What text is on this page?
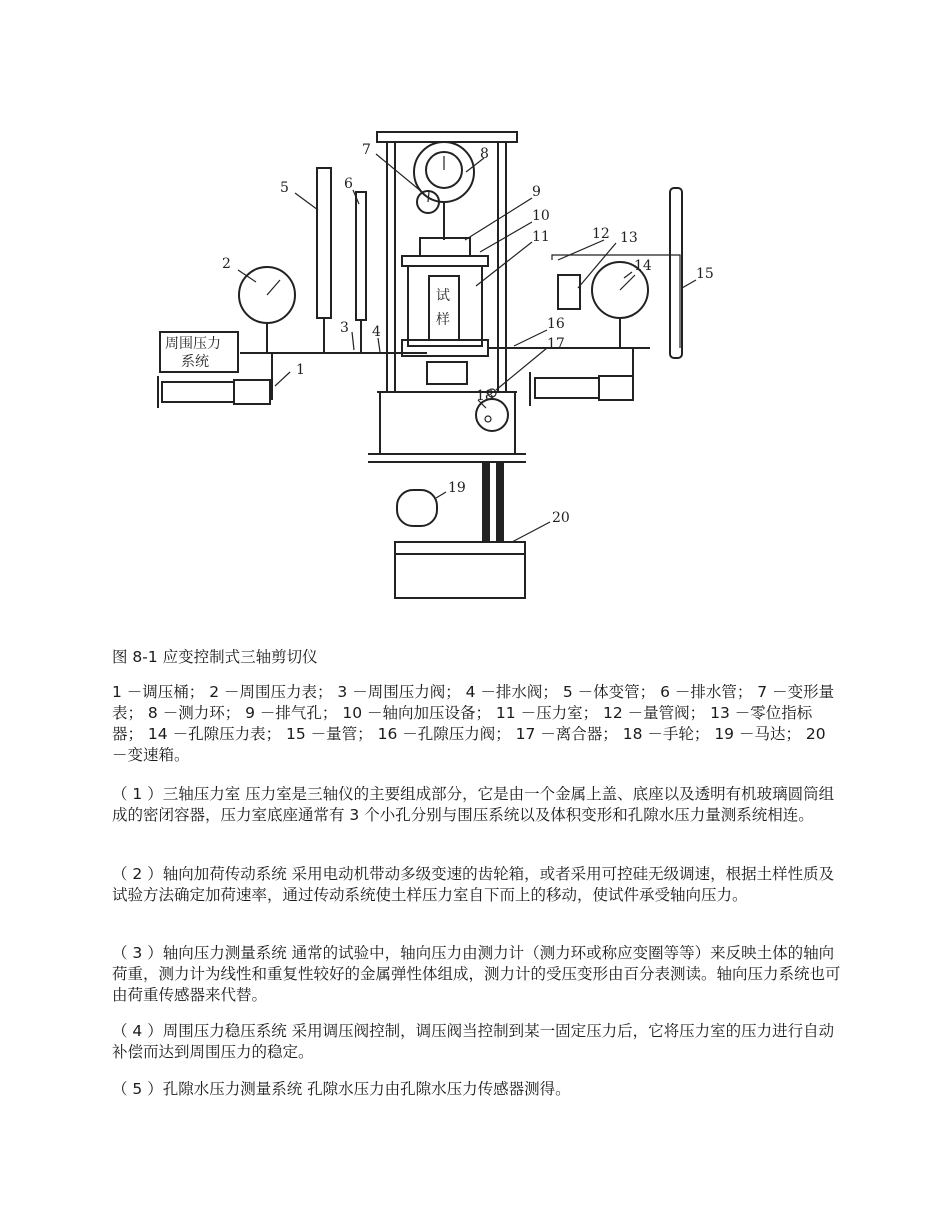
试
样
周围压力
系统	1
2
3 4
5	6
7	8
9
10
11	12 13
14	15
16
17
18
19
20
图 8-1 应变控制式三轴剪切仪
1 －调压桶； 2 －周围压力表； 3 －周围压力阀； 4 －排水阀； 5 －体变管； 6 －排水管； 7 －变形量表； 8 －测力环； 9 －排气孔； 10 －轴向加压设备； 11 －压力室； 12 －量管阀； 13 －零位指标器； 14 －孔隙压力表； 15 －量管； 16 －孔隙压力阀； 17 －离合器； 18 －手轮； 19 －马达； 20 －变速箱。
（ 1 ）三轴压力室 压力室是三轴仪的主要组成部分，它是由一个金属上盖、底座以及透明有机玻璃圆筒组成的密闭容器，压力室底座通常有 3 个小孔分别与围压系统以及体积变形和孔隙水压力量测系统相连。
（ 2 ）轴向加荷传动系统 采用电动机带动多级变速的齿轮箱，或者采用可控硅无级调速，根据土样性质及试验方法确定加荷速率，通过传动系统使土样压力室自下而上的移动，使试件承受轴向压力。
（ 3 ）轴向压力测量系统 通常的试验中，轴向压力由测力计（测力环或称应变圈等等）来反映土体的轴向荷重，测力计为线性和重复性较好的金属弹性体组成，测力计的受压变形由百分表测读。轴向压力系统也可由荷重传感器来代替。
（ 4 ）周围压力稳压系统 采用调压阀控制，调压阀当控制到某一固定压力后，它将压力室的压力进行自动补偿而达到周围压力的稳定。
（ 5 ）孔隙水压力测量系统 孔隙水压力由孔隙水压力传感器测得。
